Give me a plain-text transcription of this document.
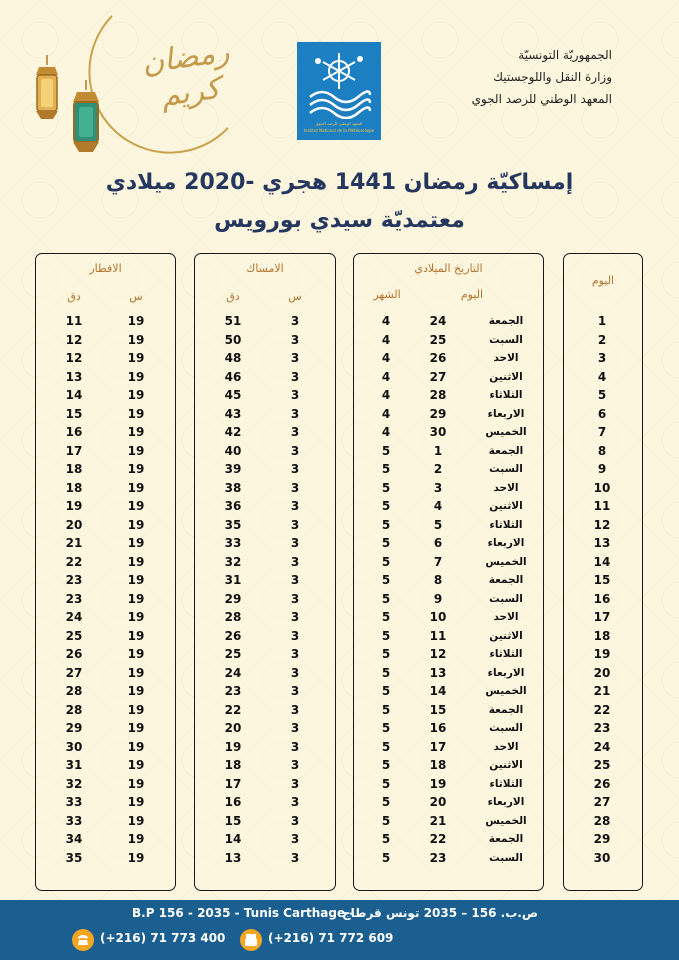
رمضان كريم
المعهد الوطني للرصد الجوي
Institut National de la Météorologie
الجمهوريّة التونسيّة
وزارة النقل واللوجستيك
المعهد الوطني للرصد الجوي
إمساكيّة رمضان 1441 هجري -2020 ميلادي
معتمديّة سيدي بورويس
الافطار
س
دق
19
11
19
12
19
12
19
13
19
14
19
15
19
16
19
17
19
18
19
18
19
19
19
20
19
21
19
22
19
23
19
23
19
24
19
25
19
26
19
27
19
28
19
28
19
29
19
30
19
31
19
32
19
33
19
33
19
34
19
35
الامساك
س
دق
3
51
3
50
3
48
3
46
3
45
3
43
3
42
3
40
3
39
3
38
3
36
3
35
3
33
3
32
3
31
3
29
3
28
3
26
3
25
3
24
3
23
3
22
3
20
3
19
3
18
3
17
3
16
3
15
3
14
3
13
التاريخ الميلادي
اليوم
الشهر
الجمعة
24
4
السبت
25
4
الاحد
26
4
الاثنين
27
4
الثلاثاء
28
4
الاربعاء
29
4
الخميس
30
4
الجمعة
1
5
السبت
2
5
الاحد
3
5
الاثنين
4
5
الثلاثاء
5
5
الاربعاء
6
5
الخميس
7
5
الجمعة
8
5
السبت
9
5
الاحد
10
5
الاثنين
11
5
الثلاثاء
12
5
الاربعاء
13
5
الخميس
14
5
الجمعة
15
5
السبت
16
5
الاحد
17
5
الاثنين
18
5
الثلاثاء
19
5
الاربعاء
20
5
الخميس
21
5
الجمعة
22
5
السبت
23
5
اليوم
1
2
3
4
5
6
7
8
9
10
11
12
13
14
15
16
17
18
19
20
21
22
23
24
25
26
27
28
29
30
B.P 156 - 2035 - Tunis Carthage -
ص.ب. 156 – 2035 تونس قرطاج
(+216) 71 773 400	(+216) 71 772 609
